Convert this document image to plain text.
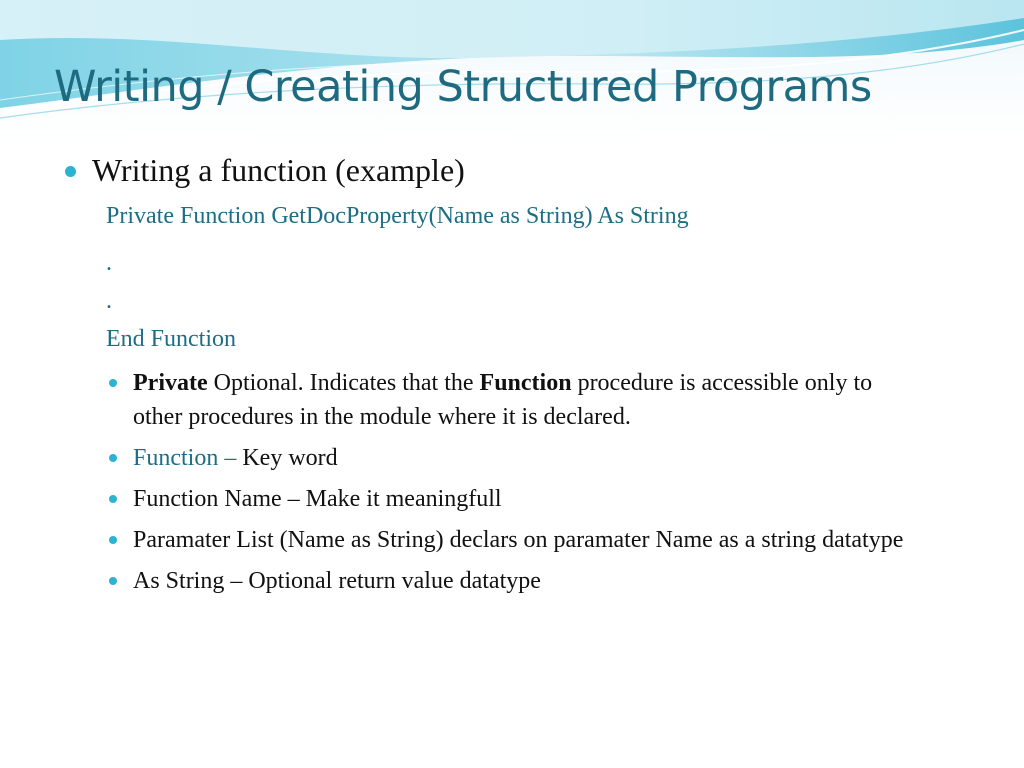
Writing / Creating Structured Programs
Writing a function (example)
Private Function GetDocProperty(Name as String) As String
.
.
End Function
Private Optional. Indicates that the Function procedure is accessible only to other procedures in the module where it is declared.
Function – Key word
Function Name – Make it meaningfull
Paramater List (Name as String) declars on paramater Name as a string datatype
As String – Optional return value datatype
